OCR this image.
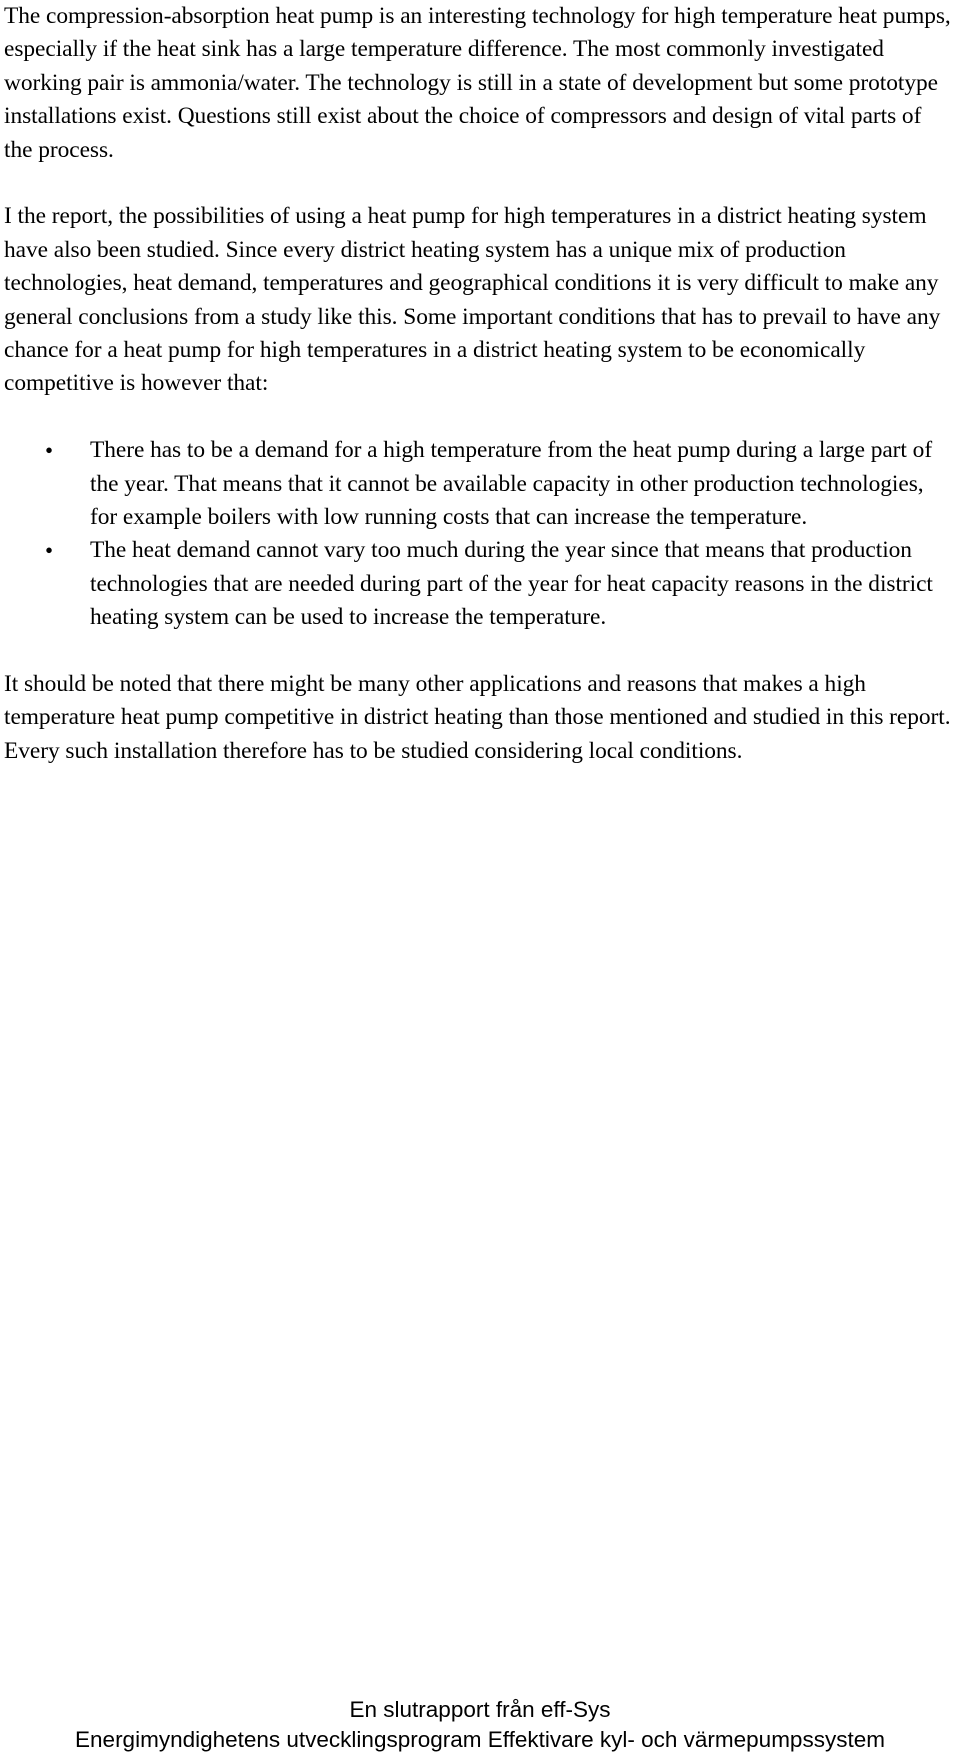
The compression-absorption heat pump is an interesting technology for high temperature heat pumps, especially if the heat sink has a large temperature difference. The most commonly investigated working pair is ammonia/water. The technology is still in a state of development but some prototype installations exist. Questions still exist about the choice of compressors and design of vital parts of the process.

I the report, the possibilities of using a heat pump for high temperatures in a district heating system have also been studied. Since every district heating system has a unique mix of production technologies, heat demand, temperatures and geographical conditions it is very difficult to make any general conclusions from a study like this. Some important conditions that has to prevail to have any chance for a heat pump for high temperatures in a district heating system to be economically competitive is however that:

• There has to be a demand for a high temperature from the heat pump during a large part of the year. That means that it cannot be available capacity in other production technologies, for example boilers with low running costs that can increase the temperature.
• The heat demand cannot vary too much during the year since that means that production technologies that are needed during part of the year for heat capacity reasons in the district heating system can be used to increase the temperature.

It should be noted that there might be many other applications and reasons that makes a high temperature heat pump competitive in district heating than those mentioned and studied in this report. Every such installation therefore has to be studied considering local conditions.

En slutrapport från eff-Sys
Energimyndighetens utvecklingsprogram Effektivare kyl- och värmepumpssystem
